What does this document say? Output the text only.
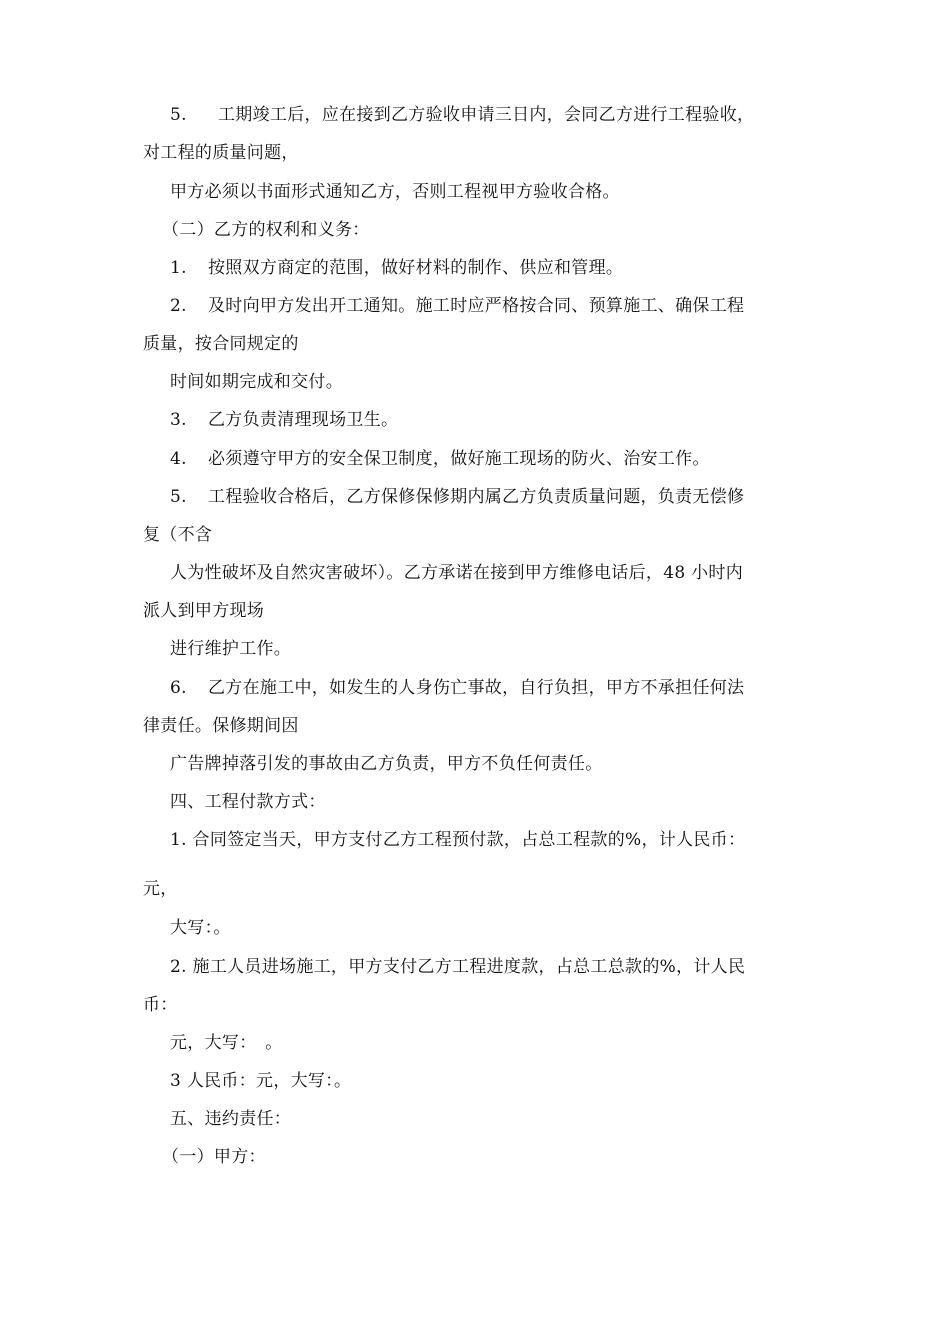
5. 工期竣工后，应在接到乙方验收申请三日内，会同乙方进行工程验收，
对工程的质量问题，
甲方必须以书面形式通知乙方，否则工程视甲方验收合格。
（二）乙方的权利和义务：
1. 按照双方商定的范围，做好材料的制作、供应和管理。
2. 及时向甲方发出开工通知。施工时应严格按合同、预算施工、确保工程
质量，按合同规定的
时间如期完成和交付。
3. 乙方负责清理现场卫生。
4. 必须遵守甲方的安全保卫制度，做好施工现场的防火、治安工作。
5. 工程验收合格后，乙方保修保修期内属乙方负责质量问题，负责无偿修
复（不含
人为性破坏及自然灾害破坏）。乙方承诺在接到甲方维修电话后，48 小时内
派人到甲方现场
进行维护工作。
6. 乙方在施工中，如发生的人身伤亡事故，自行负担，甲方不承担任何法
律责任。保修期间因
广告牌掉落引发的事故由乙方负责，甲方不负任何责任。
四、工程付款方式：
1. 合同签定当天，甲方支付乙方工程预付款，占总工程款的%，计人民币：
元，
大写：。
2. 施工人员进场施工，甲方支付乙方工程进度款，占总工总款的%，计人民
币：
元，大写：　。
3 人民币：元，大写：。
五、违约责任：
（一）甲方：
